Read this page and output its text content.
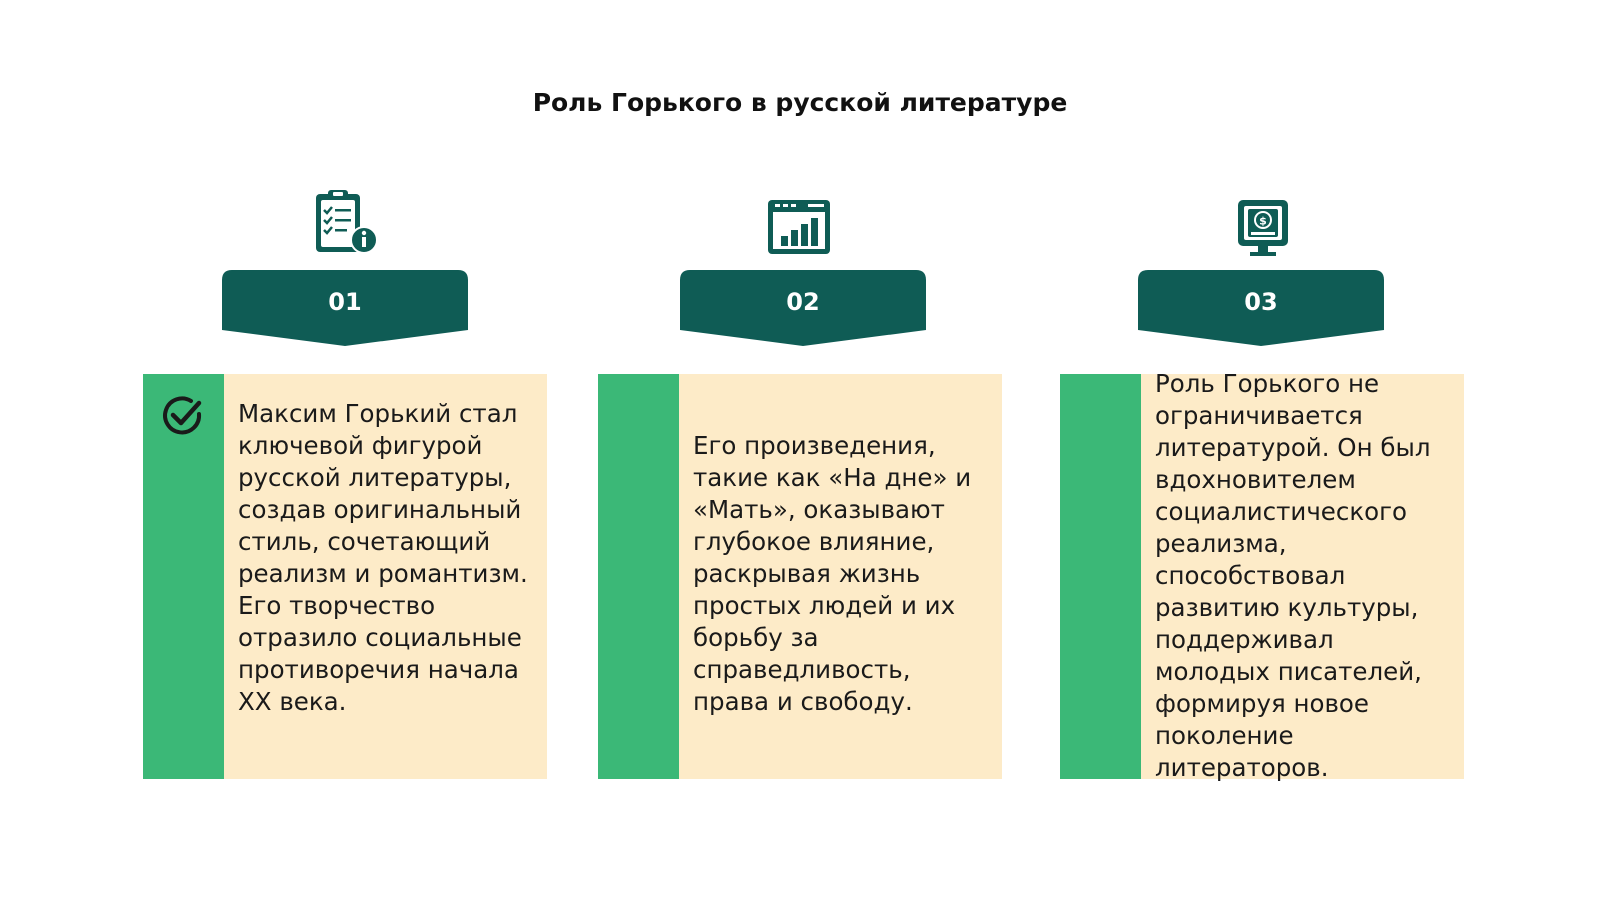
Роль Горького в русской литературе
01
Максим Горький стал ключевой фигурой русской литературы, создав оригинальный стиль, сочетающий реализм и романтизм. Его творчество отразило социальные противоречия начала XX века.
02
Его произведения, такие как «На дне» и «Мать», оказывают глубокое влияние, раскрывая жизнь простых людей и их борьбу за справедливость, права и свободу.
$
03
Роль Горького не ограничивается литературой. Он был вдохновителем социалистического реализма, способствовал развитию культуры, поддерживал молодых писателей, формируя новое поколение литераторов.
